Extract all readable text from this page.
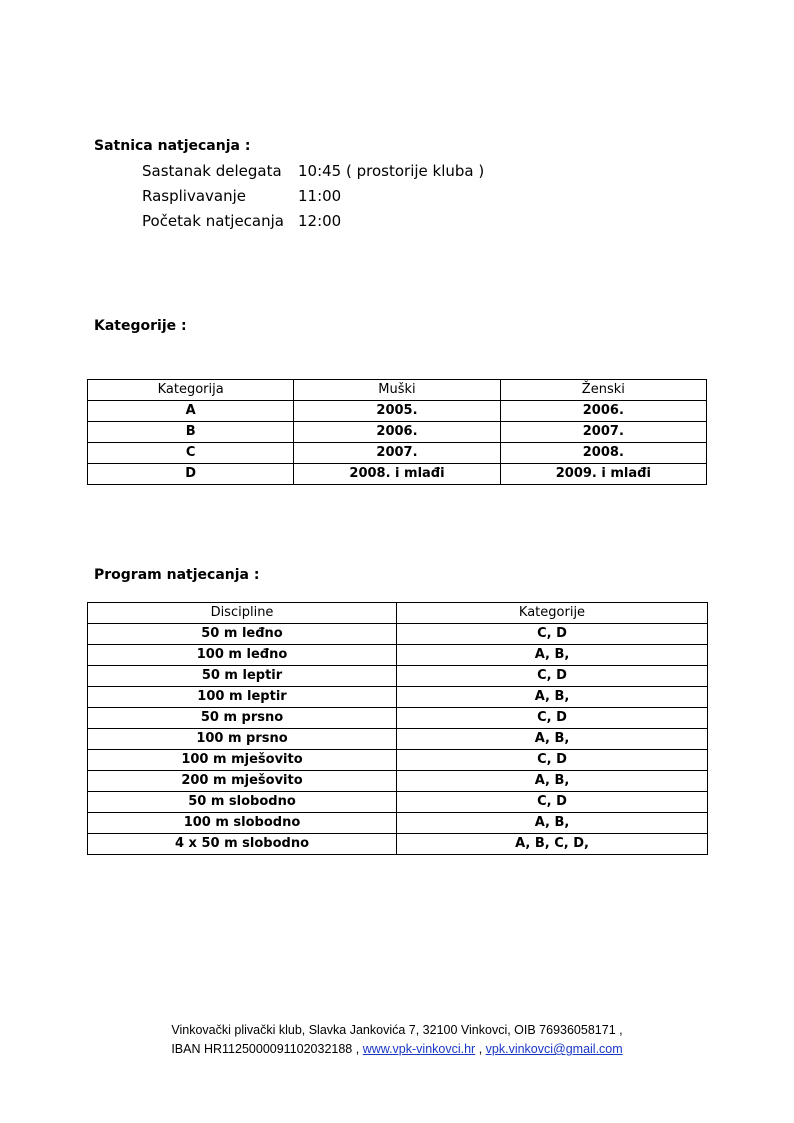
Satnica natjecanja :
Sastanak delegata 10:45 ( prostorije kluba )
Rasplivavanje	11:00
Početak natjecanja 12:00
Kategorije :
Kategorija	Muški	Ženski
A	2005.	2006.
B	2006.	2007.
C	2007.	2008.
D	2008. i mlađi	2009. i mlađi
Program natjecanja :
Discipline	Kategorije
50 m leđno	C, D
100 m leđno	A, B,
50 m leptir	C, D
100 m leptir	A, B,
50 m prsno	C, D
100 m prsno	A, B,
100 m mješovito	C, D
200 m mješovito	A, B,
50 m slobodno	C, D
100 m slobodno	A, B,
4 x 50 m slobodno	A, B, C, D,
Vinkovački plivački klub, Slavka Jankovića 7, 32100 Vinkovci, OIB 76936058171 ,
IBAN HR1125000091102032188 , www.vpk-vinkovci.hr , vpk.vinkovci@gmail.com
